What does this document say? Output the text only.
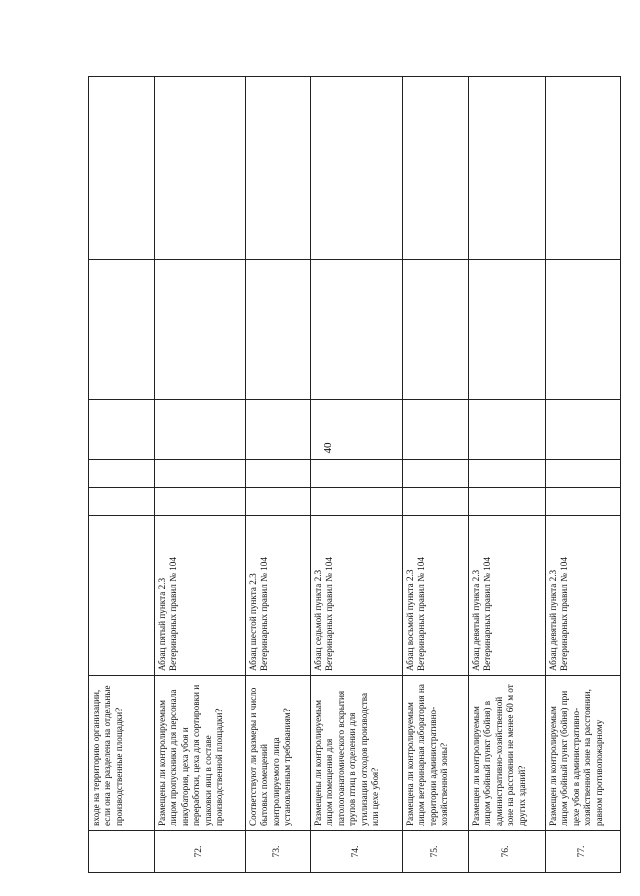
40
	входе на территорию организации, если она не разделена на отдельные производственные площадки?						
72.	Размещены ли контролируемым лицом пропускники для персонала инкубатория, цеха убоя и переработки, цеха для сортировки и упаковки яиц в составе производственной площадки?	Абзац пятый пункта 2.3 Ветеринарных правил № 104					
73.	Соответствуют ли размеры и число бытовых помещений контролируемого лица установленным требованиям?	Абзац шестой пункта 2.3 Ветеринарных правил № 104					
74.	Размещены ли контролируемым лицом помещения для патологоанатомического вскрытия трупов птиц в отделении для утилизации отходов производства или цехе убоя?	Абзац седьмой пункта 2.3 Ветеринарных правил № 104					
75.	Размещена ли контролируемым лицом ветеринарная лаборатория на территории административно-хозяйственной зоны?	Абзац восьмой пункта 2.3 Ветеринарных правил № 104					
76.	Размещен ли контролируемым лицом убойный пункт (бойня) в административно-хозяйственной зоне на расстоянии не менее 60 м от других зданий?	Абзац девятый пункта 2.3 Ветеринарных правил № 104					
77.	Размещен ли контролируемым лицом убойный пункт (бойня) при цехе убоя в административно-хозяйственной зоне на расстоянии, равном противопожарному	Абзац девятый пункта 2.3 Ветеринарных правил № 104					
